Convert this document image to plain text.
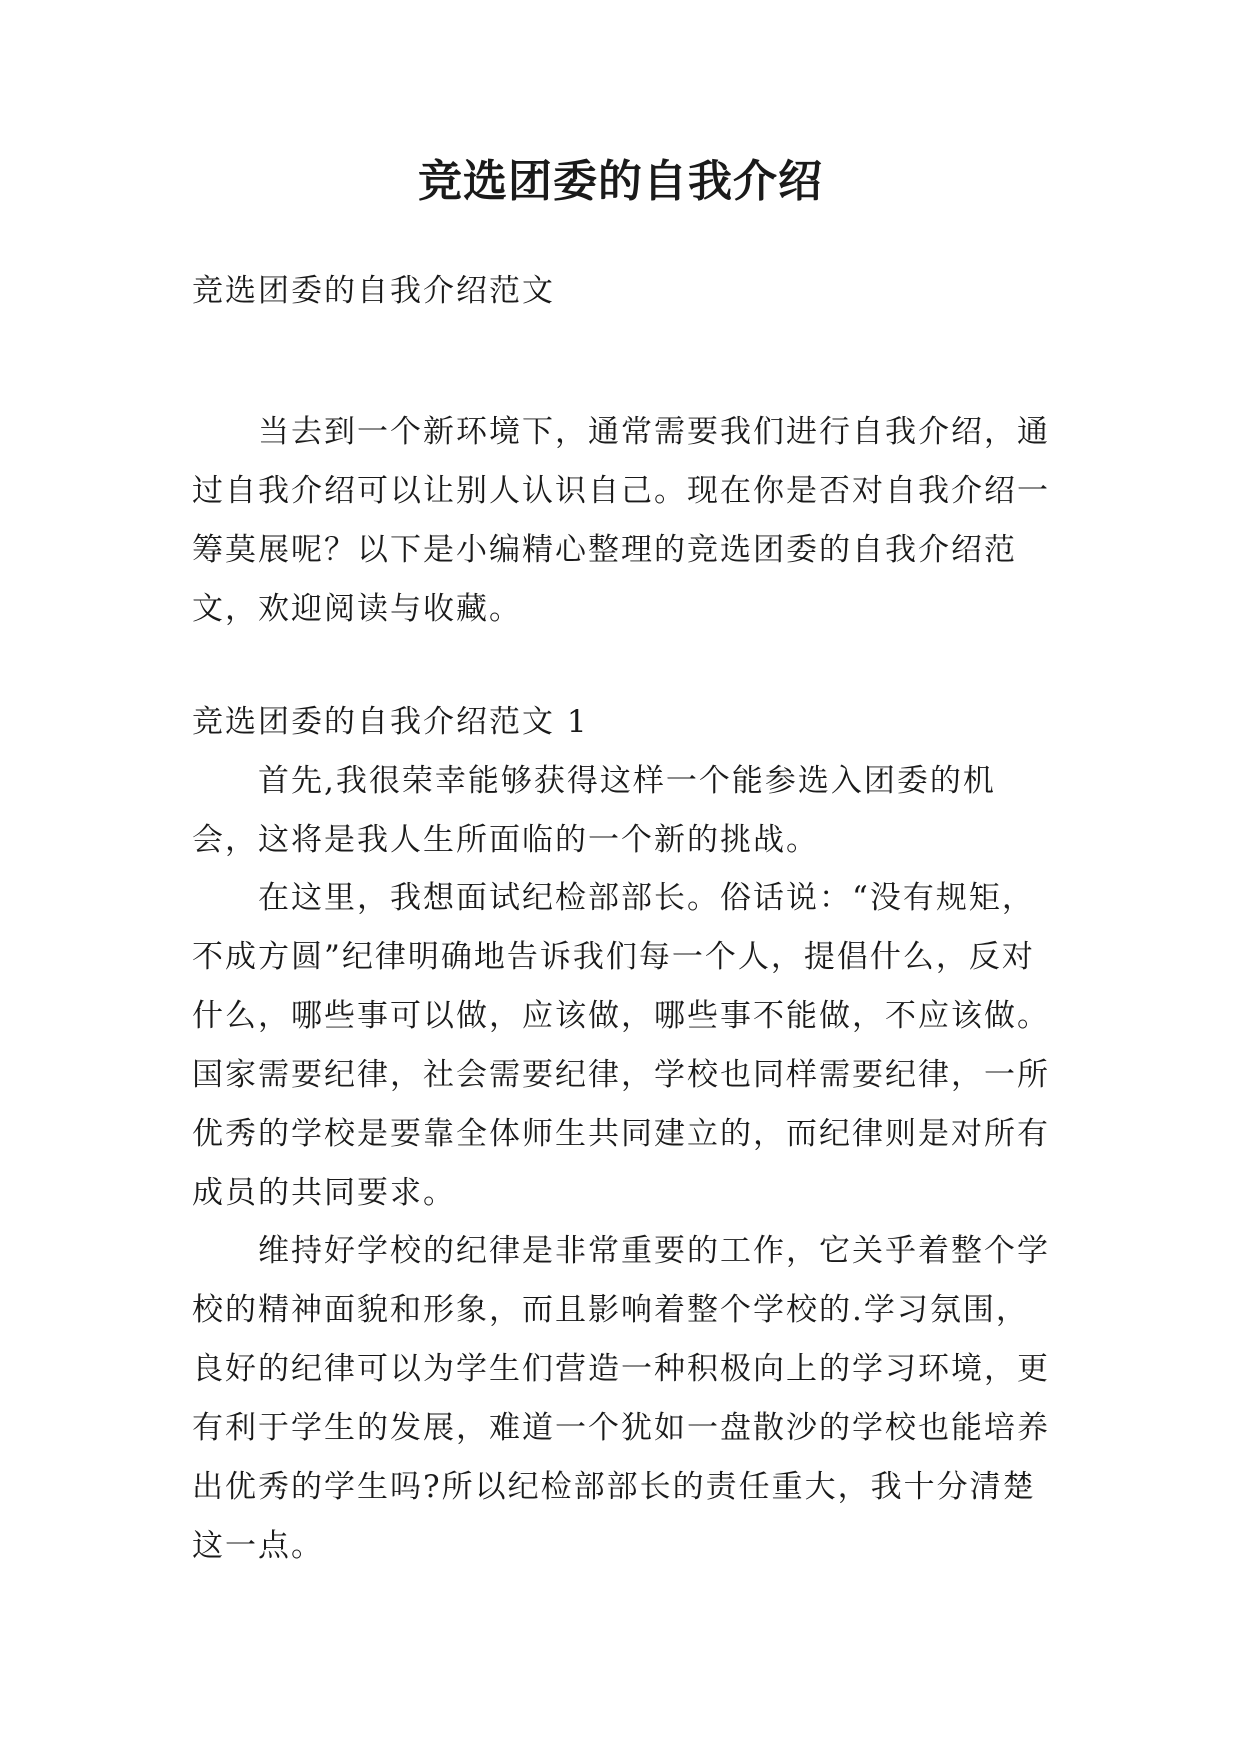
竞选团委的自我介绍

竞选团委的自我介绍范文

当去到一个新环境下，通常需要我们进行自我介绍，通过自我介绍可以让别人认识自己。现在你是否对自我介绍一筹莫展呢？以下是小编精心整理的竞选团委的自我介绍范文，欢迎阅读与收藏。

竞选团委的自我介绍范文 1

首先,我很荣幸能够获得这样一个能参选入团委的机会，这将是我人生所面临的一个新的挑战。

在这里，我想面试纪检部部长。俗话说：“没有规矩，不成方圆”纪律明确地告诉我们每一个人，提倡什么，反对什么，哪些事可以做，应该做，哪些事不能做，不应该做。国家需要纪律，社会需要纪律，学校也同样需要纪律，一所优秀的学校是要靠全体师生共同建立的，而纪律则是对所有成员的共同要求。

维持好学校的纪律是非常重要的工作，它关乎着整个学校的精神面貌和形象，而且影响着整个学校的.学习氛围，良好的纪律可以为学生们营造一种积极向上的学习环境，更有利于学生的发展，难道一个犹如一盘散沙的学校也能培养出优秀的学生吗?所以纪检部部长的责任重大，我十分清楚这一点。
